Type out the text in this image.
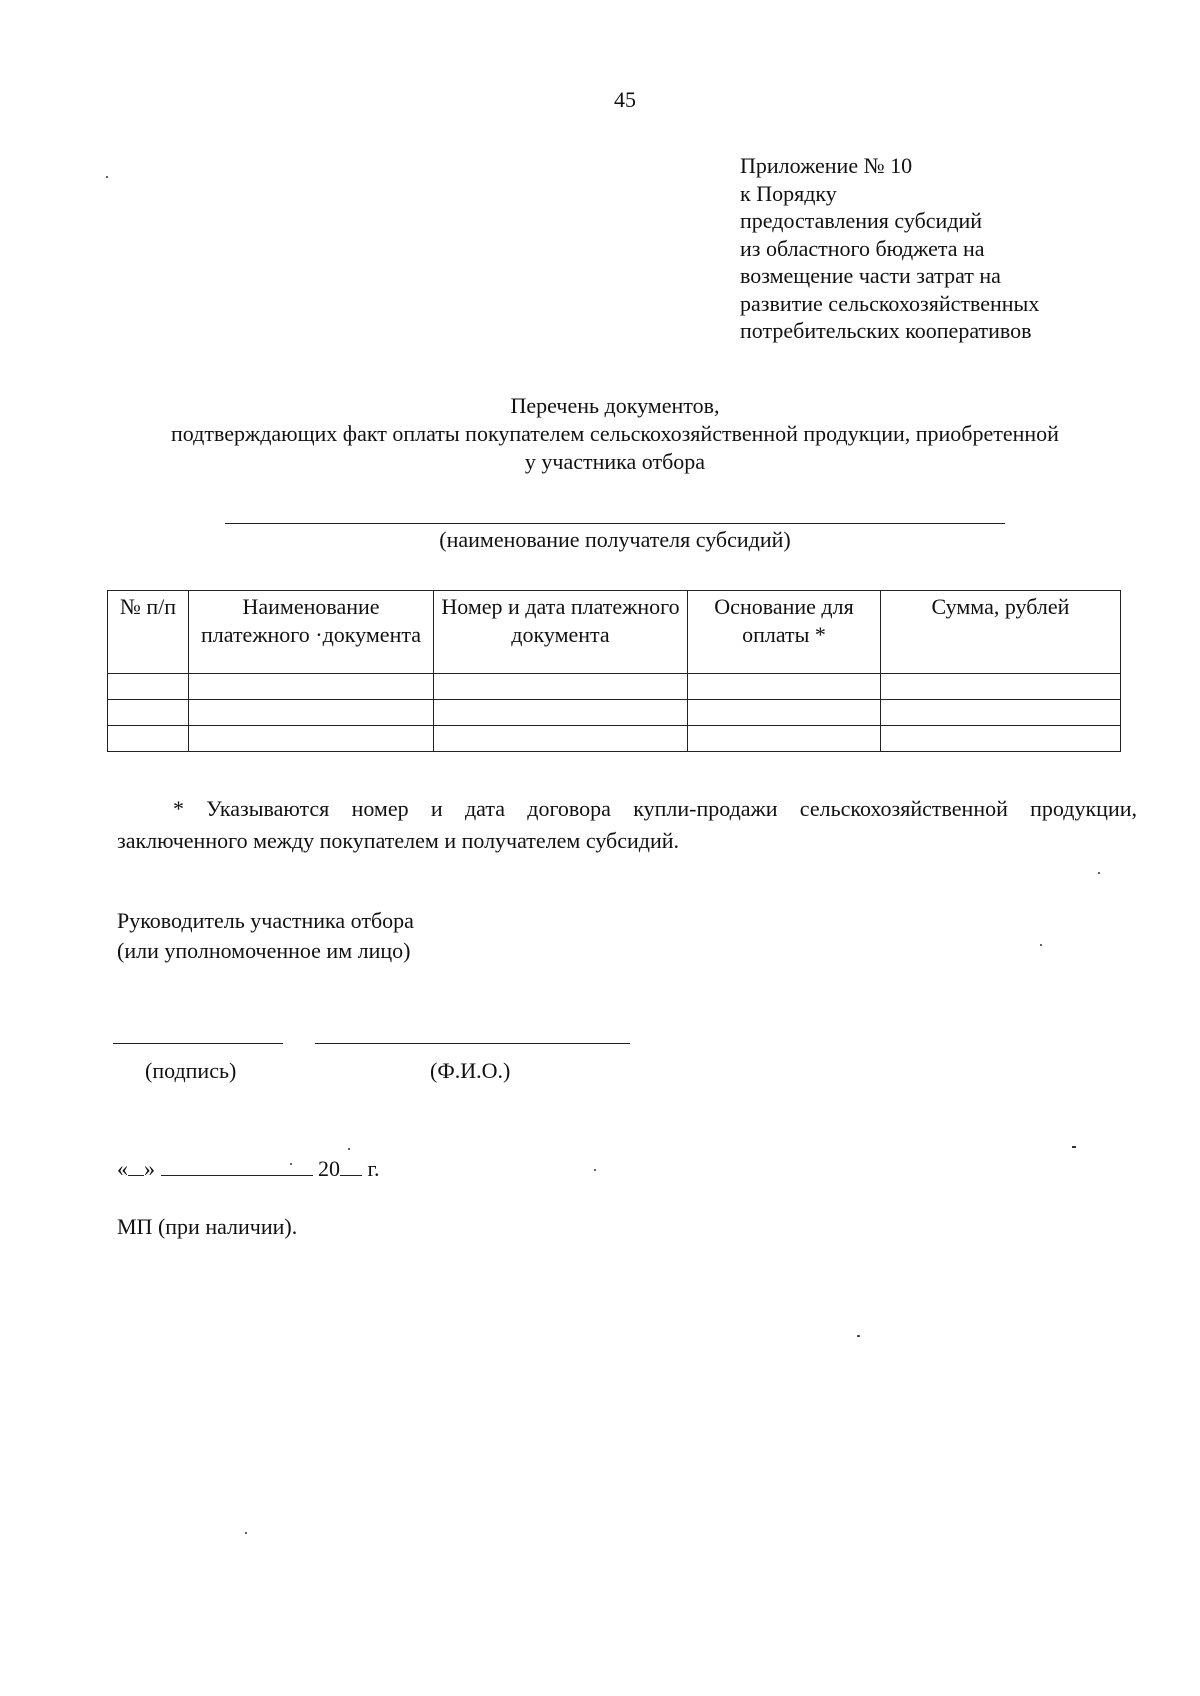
45
Приложение № 10
к Порядку
предоставления субсидий
из областного бюджета на
возмещение части затрат на
развитие сельскохозяйственных
потребительских кооперативов
Перечень документов,
подтверждающих факт оплаты покупателем сельскохозяйственной продукции, приобретенной
у участника отбора
(наименование получателя субсидий)
№ п/п	Наименование платежного ·документа	Номер и дата платежного документа	Основание для оплаты *	Сумма, рублей

* Указываются номер и дата договора купли-продажи сельскохозяйственной продукции, заключенного между покупателем и получателем субсидий.
Руководитель участника отбора
(или уполномоченное им лицо)
(подпись)	(Ф.И.О.)
« »	20 г.
МП (при наличии).
